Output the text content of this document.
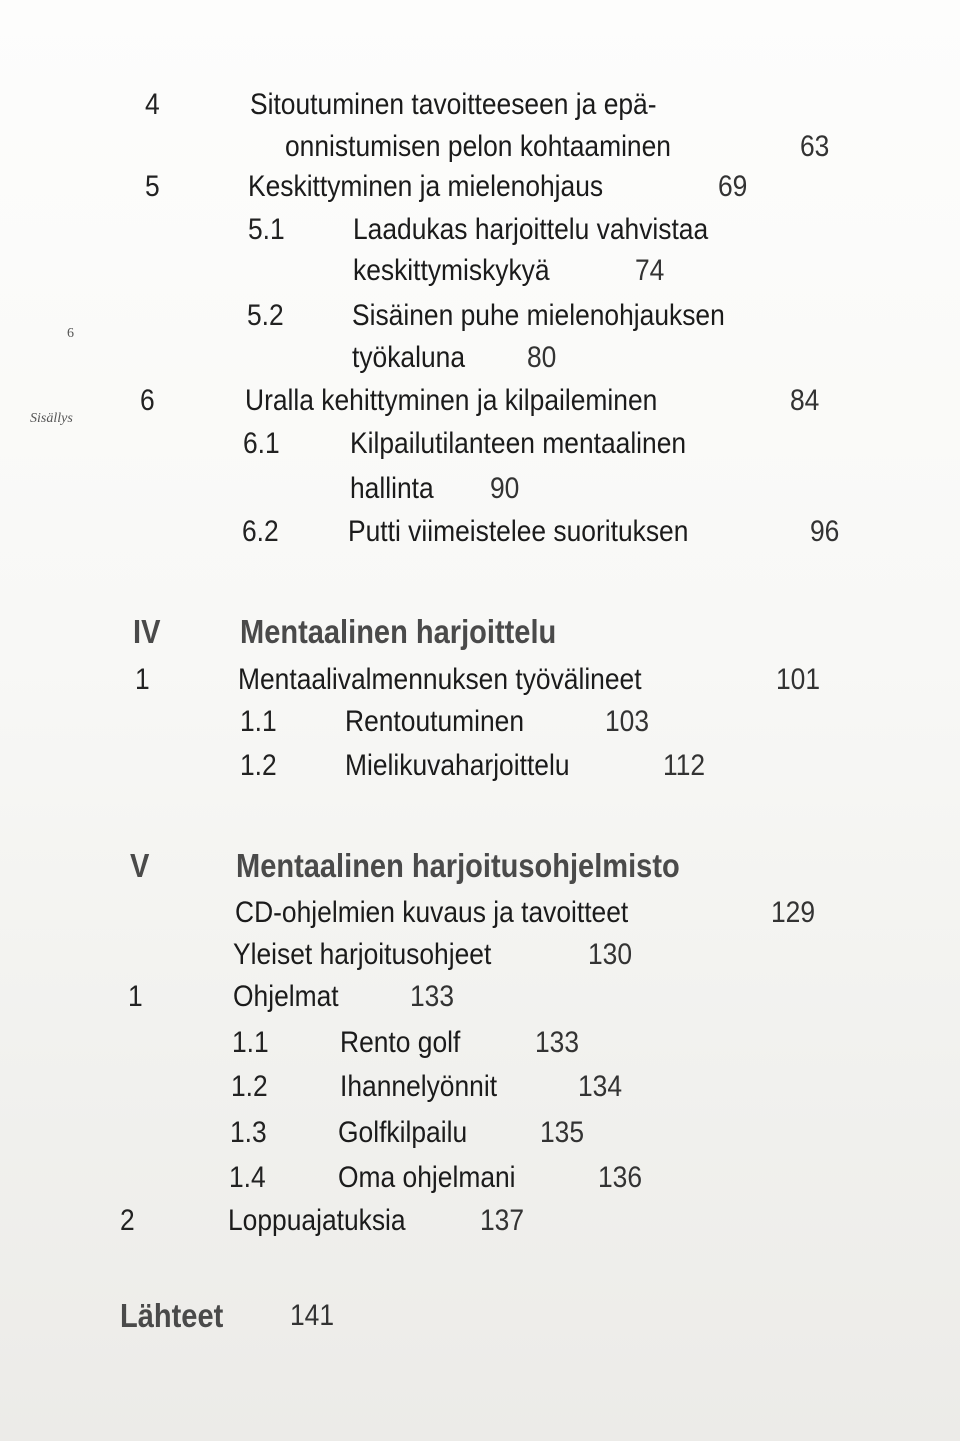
6
Sisällys
4	Sitoutuminen tavoitteeseen ja epä-
onnistumisen pelon kohtaaminen	63
5	Keskittyminen ja mielenohjaus	69
5.1 Laadukas harjoittelu vahvistaa
keskittymiskykyä	74
5.2 Sisäinen puhe mielenohjauksen
työkaluna 80
6	Uralla kehittyminen ja kilpaileminen	84
6.1 Kilpailutilanteen mentaalinen
hallinta 90
6.2 Putti viimeistelee suorituksen	96
IV Mentaalinen harjoittelu
1	Mentaalivalmennuksen työvälineet	101
1.1 Rentoutuminen	103
1.2 Mielikuvaharjoittelu	112
V	Mentaalinen harjoitusohjelmisto
CD-ohjelmien kuvaus ja tavoitteet	129
Yleiset harjoitusohjeet	130
1	Ohjelmat 133
1.1 Rento golf 133
1.2 Ihannelyönnit	134
1.3 Golfkilpailu 135
1.4 Oma ohjelmani	136
2	Loppuajatuksia 137
Lähteet 141
